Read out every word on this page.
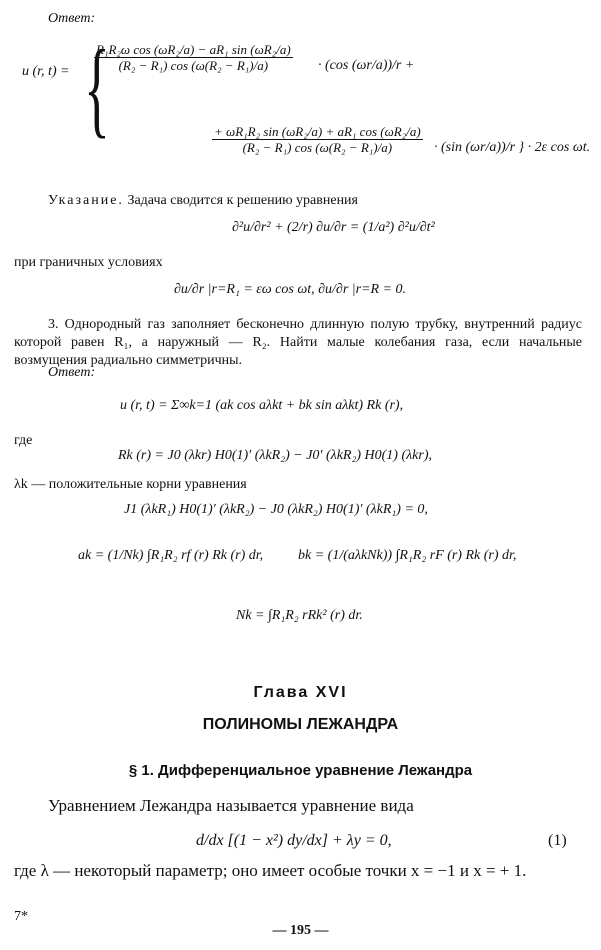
Ответ:
u (r, t) = {
$\frac{\text{R₁R₂ω cos (ωR₂/a) − aR₁ sin (ωR₂/a)}}{\text{(R₂ − R₁) cos (ω(R₂ − R₁)/a)}} \cdot (\cos$ (ωr/a))/r +
$\frac{\text{+ ωR₁R₂ sin (ωR₂/a) + aR₁ cos (ωR₂/a)}}{\text{(R₂ − R₁) cos (ω(R₂ − R₁)/a)}} \cdot (\sin$ (ωr/a))/r } · 2ε cos ωt.
Указание. Задача сводится к решению уравнения
∂²u/∂r² + (2/r) ∂u/∂r = (1/a²) ∂²u/∂t²
при граничных условиях
∂u/∂r |r=R₁ = εω cos ωt, ∂u/∂r |r=R = 0.
3. Однородный газ заполняет бесконечно длинную полую трубку, внутренний радиус которой равен R₁, а наружный — R₂. Найти малые колебания газа, если начальные возмущения радиально симметричны.
Ответ:
u (r, t) = Σ∞k=1 (ak cos aλkt + bk sin aλkt) Rk (r),
где
Rk (r) = J0 (λkr) H0(1)′ (λkR₂) − J0′ (λkR₂) H0(1) (λkr),
λk — положительные корни уравнения
J1 (λkR₁) H0(1)′ (λkR₂) − J0 (λkR₂) H0(1)′ (λkR₁) = 0,
ak = (1/Nk) ∫R₁R₂ rf (r) Rk (r) dr, bk = (1/(aλkNk)) ∫R₁R₂ rF (r) Rk (r) dr,
Nk = ∫R₁R₂ rRk² (r) dr.
Глава XVI
ПОЛИНОМЫ ЛЕЖАНДРА
§ 1. Дифференциальное уравнение Лежандра
Уравнением Лежандра называется уравнение вида
d/dx [(1 − x²) dy/dx] + λy = 0,	(1)
где λ — некоторый параметр; оно имеет особые точки x = −1 и x = + 1.
7*
— 195 —
